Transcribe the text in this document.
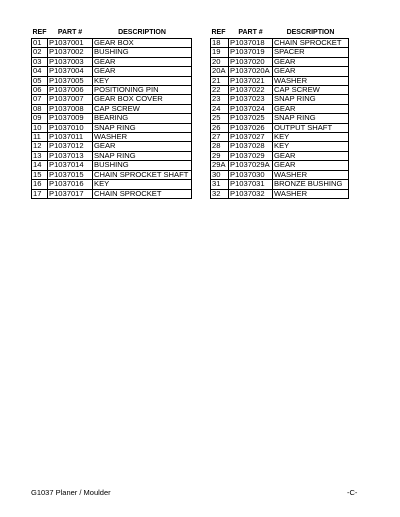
REF	PART #	DESCRIPTION
01	P1037001	GEAR BOX
02	P1037002	BUSHING
03	P1037003	GEAR
04	P1037004	GEAR
05	P1037005	KEY
06	P1037006	POSITIONING PIN
07	P1037007	GEAR BOX COVER
08	P1037008	CAP SCREW
09	P1037009	BEARING
10	P1037010	SNAP RING
11	P1037011	WASHER
12	P1037012	GEAR
13	P1037013	SNAP RING
14	P1037014	BUSHING
15	P1037015	CHAIN SPROCKET SHAFT
16	P1037016	KEY
17	P1037017	CHAIN SPROCKET
REF	PART #	DESCRIPTION
18	P1037018	CHAIN SPROCKET
19	P1037019	SPACER
20	P1037020	GEAR
20A	P1037020A	GEAR
21	P1037021	WASHER
22	P1037022	CAP SCREW
23	P1037023	SNAP RING
24	P1037024	GEAR
25	P1037025	SNAP RING
26	P1037026	OUTPUT SHAFT
27	P1037027	KEY
28	P1037028	KEY
29	P1037029	GEAR
29A	P1037029A	GEAR
30	P1037030	WASHER
31	P1037031	BRONZE BUSHING
32	P1037032	WASHER
G1037 Planer / Moulder	-C-
